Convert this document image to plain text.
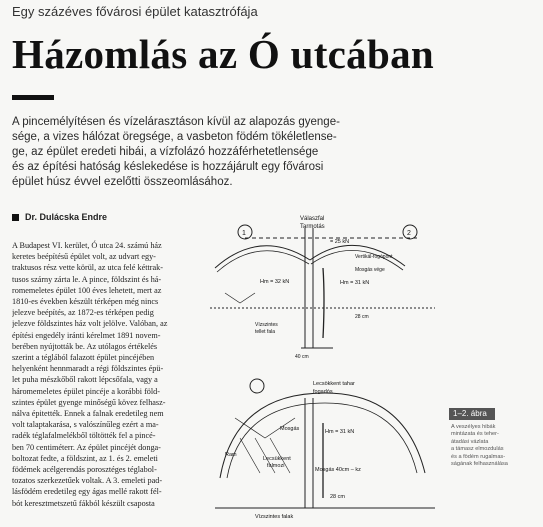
Egy százéves fővárosi épület katasztrófája
Házomlás az Ó utcában
A pincemélyítésen és vízelárasztáson kívül az alapozás gyenge-
sége, a vizes hálózat öregsége, a vasbeton födém tökéletlense-
ge, az épület eredeti hibái, a vízfolázó hozzáférhetetlensége
és az építési hatóság késlekedése is hozzájárult egy fővárosi
épület húsz évvel ezelőtti összeomlásához.
Dr. Dulácska Endre
A Budapest VI. kerület, Ó utca 24. számú ház
keretes beépítésű épület volt, az udvart egy-
traktusos rész vette körül, az utca felé kéttrak-
tusos szárny zárta le. A pince, földszint és há-
romemeletes épület 100 éves lehetett, mert az
1810-es években készült térképen még nincs
jelezve beépítés, az 1872-es térképen pedig
jelezve földszintes ház volt jelölve. Valóban, az
építési engedély iránti kérelmet 1891 novem-
berében nyújtották be. Az utólagos értékelés
szerint a téglából falazott épület pincéjében
helyenként hennmaradt a régi földszintes épü-
let puha mészkőből rakott lépcsőfala, vagy a
háromemeletes épület pincéje a korábbi föld-
szintes épület gyenge minőségű kövez felhasz-
nálva épitették. Ennek a falnak eredetileg nem
volt talaptakarása, s valószínűleg ezért a ma-
radék téglafalmelékből töltötték fel a pincé-
ben 70 centiméterr. Az épület pincéjét donga-
boltozat fedte, a földszint, az 1. és 2. emeleti
födémek acélgerendás porosztéges téglabol-
tozatos szerkezetűek voltak. A 3. emeleti pad-
lásfödém eredetileg egy ágas mellé rakott fél-
bót keresztmetszetű fákból készült csaposta
Válaszfal
Tarmotás
= 25 kN
Hm = 32 kN
Vertikál-fogópont
Mosgás vége
Hm = 31 kN
Vízszintes
tellet fala
28 cm
40 cm
Lecsökkent tahar
fogadós
Mosgás	Hm = 31 kN
Ram
Lecsükkent
falmozi
Mosgás 40cm – kz
Vízszintes falak
28 cm
1	2
1–2. ábra
A veszélyes hibák
mintázata és teher-
átadási vázlata
a támasz elmozdulás
és a födém rugalmas-
ságának felhasználása
